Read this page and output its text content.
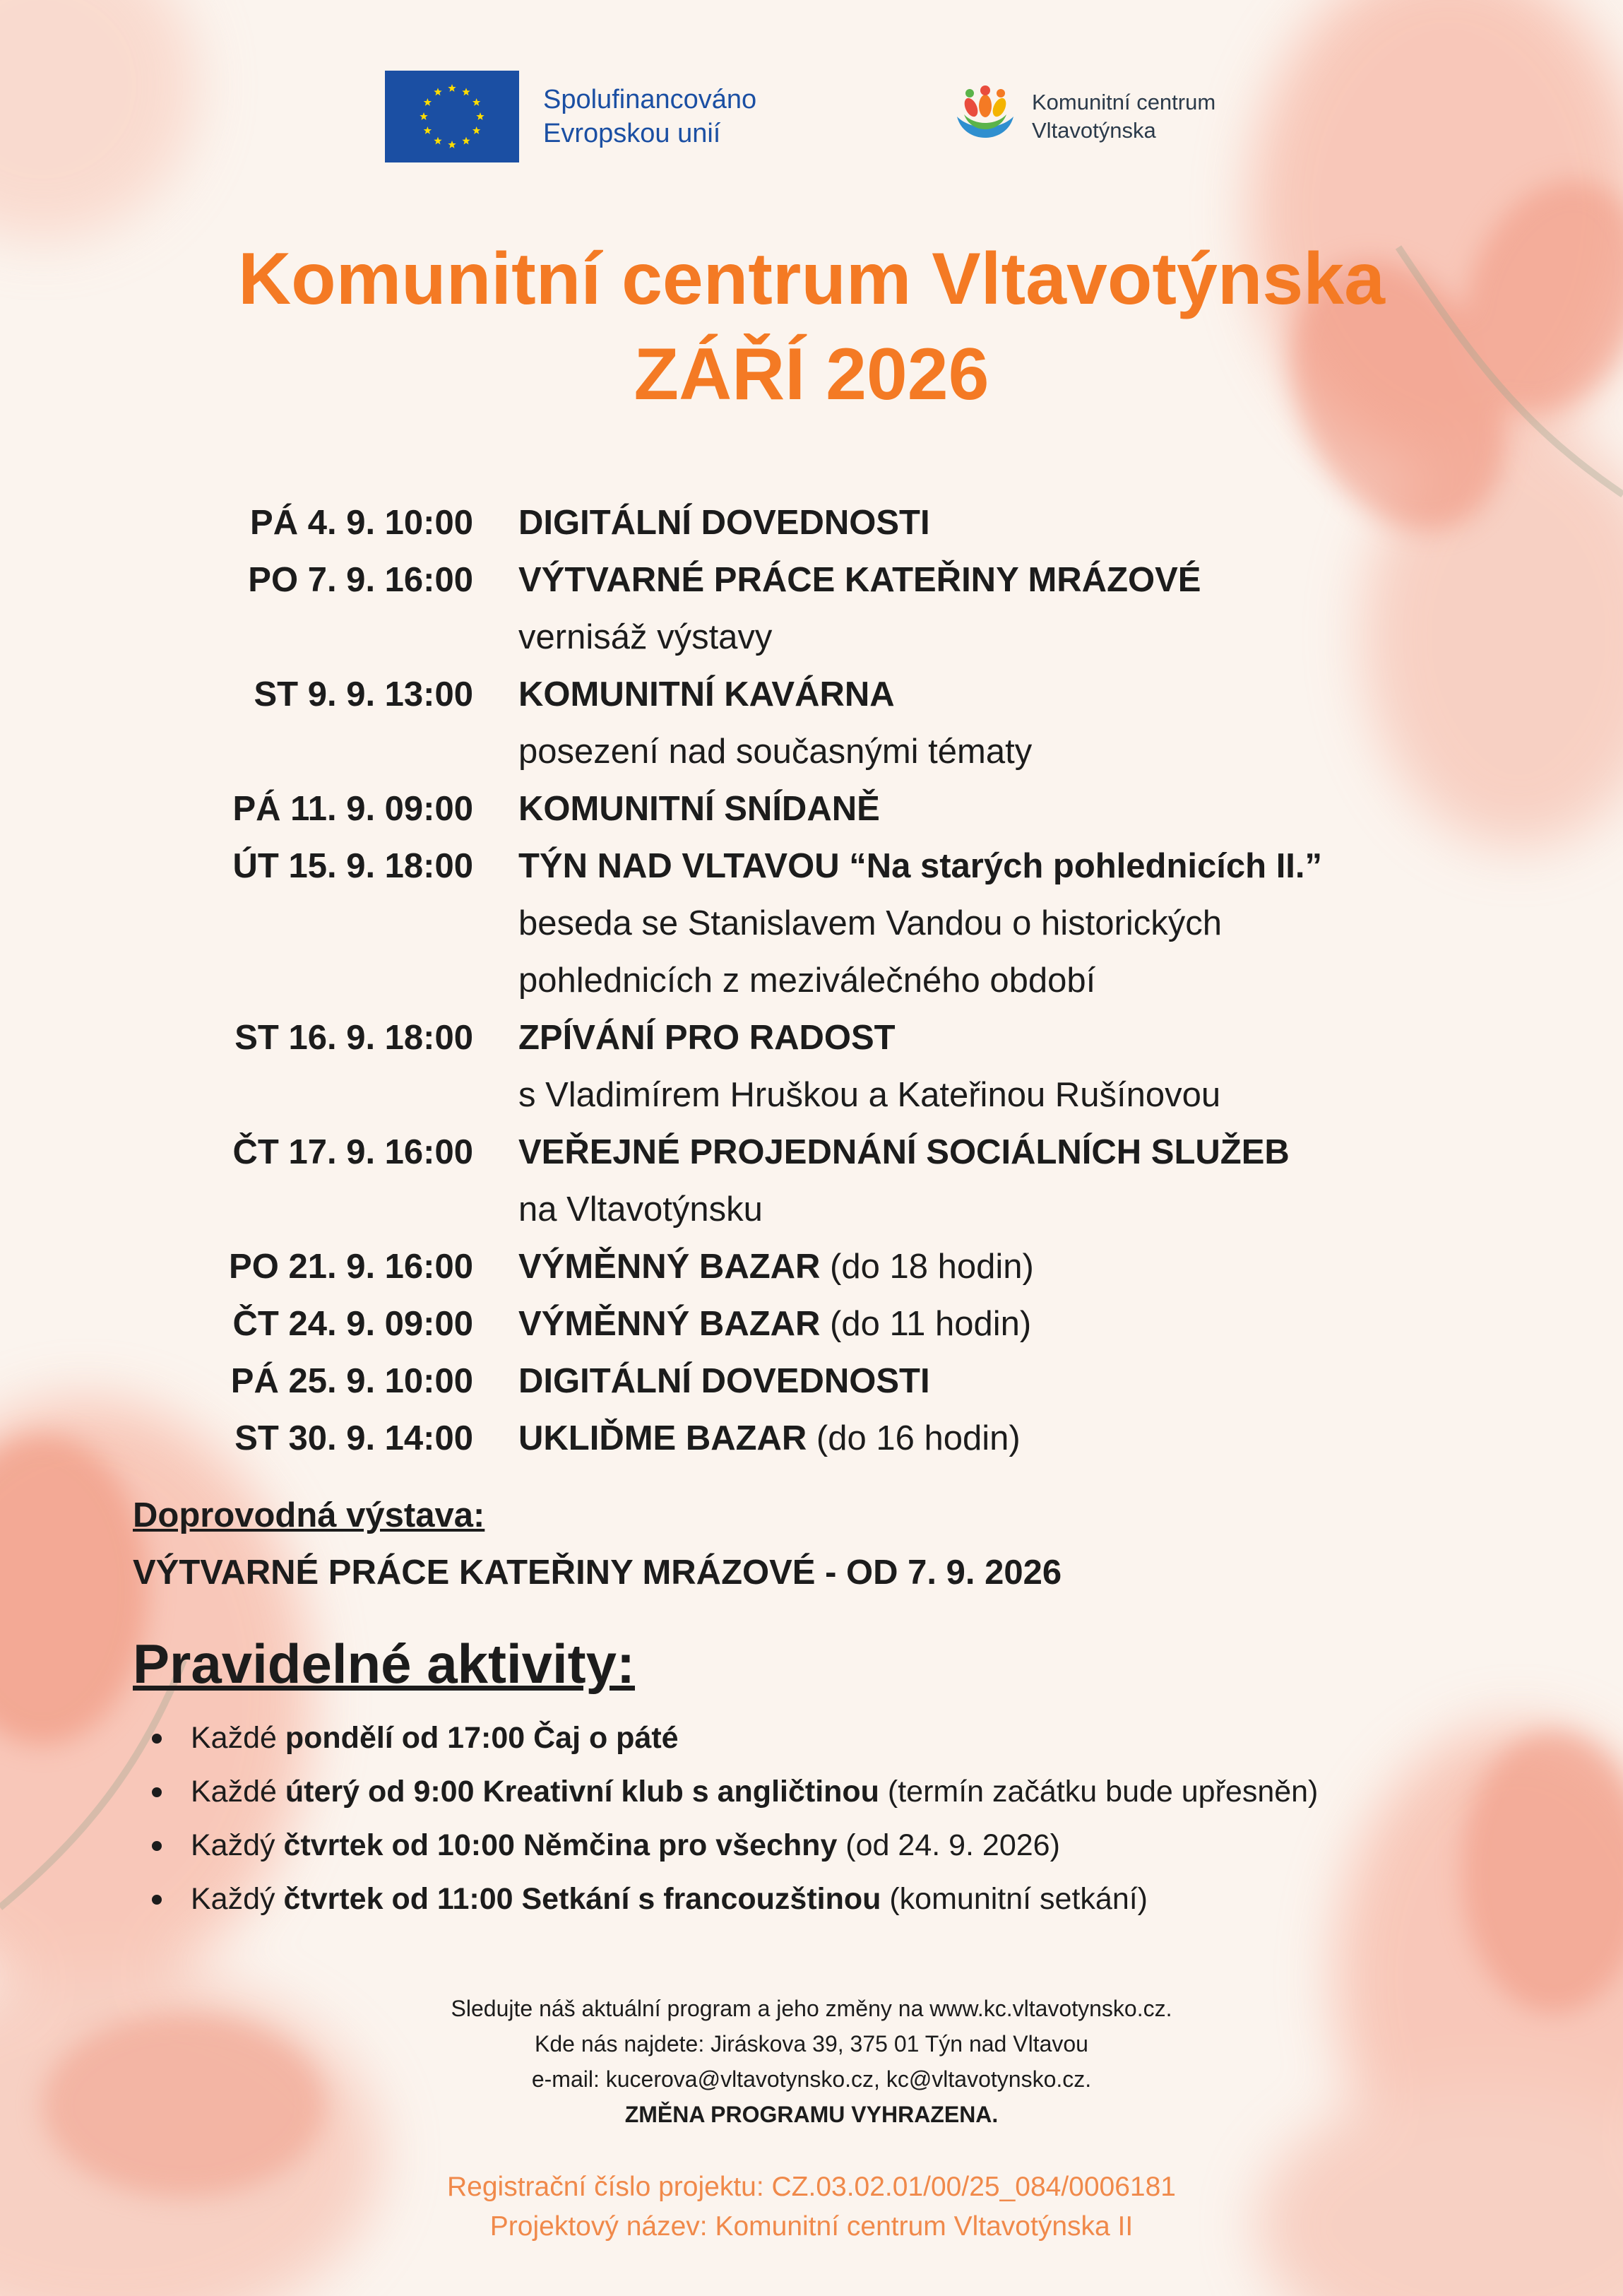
Spolufinancováno
Evropskou unií
Komunitní centrum
Vltavotýnska
Komunitní centrum Vltavotýnska
ZÁŘÍ 2026
PÁ 4. 9. 10:00 DIGITÁLNÍ DOVEDNOSTI
PO 7. 9. 16:00 VÝTVARNÉ PRÁCE KATEŘINY MRÁZOVÉ
vernisáž výstavy
ST 9. 9. 13:00 KOMUNITNÍ KAVÁRNA
posezení nad současnými tématy
PÁ 11. 9. 09:00 KOMUNITNÍ SNÍDANĚ
ÚT 15. 9. 18:00 TÝN NAD VLTAVOU “Na starých pohlednicích II.”
beseda se Stanislavem Vandou o historických
pohlednicích z meziválečného období
ST 16. 9. 18:00 ZPÍVÁNÍ PRO RADOST
s Vladimírem Hruškou a Kateřinou Rušínovou
ČT 17. 9. 16:00 VEŘEJNÉ PROJEDNÁNÍ SOCIÁLNÍCH SLUŽEB
na Vltavotýnsku
PO 21. 9. 16:00 VÝMĚNNÝ BAZAR (do 18 hodin)
ČT 24. 9. 09:00 VÝMĚNNÝ BAZAR (do 11 hodin)
PÁ 25. 9. 10:00 DIGITÁLNÍ DOVEDNOSTI
ST 30. 9. 14:00 UKLIĎME BAZAR (do 16 hodin)
Doprovodná výstava:
VÝTVARNÉ PRÁCE KATEŘINY MRÁZOVÉ - OD 7. 9. 2026
Pravidelné aktivity:
Každé pondělí od 17:00 Čaj o páté
Každé úterý od 9:00 Kreativní klub s angličtinou (termín začátku bude upřesněn)
Každý čtvrtek od 10:00 Němčina pro všechny (od 24. 9. 2026)
Každý čtvrtek od 11:00 Setkání s francouzštinou (komunitní setkání)
Sledujte náš aktuální program a jeho změny na www.kc.vltavotynsko.cz.
Kde nás najdete: Jiráskova 39, 375 01 Týn nad Vltavou
e-mail: kucerova@vltavotynsko.cz, kc@vltavotynsko.cz.
ZMĚNA PROGRAMU VYHRAZENA.
Registrační číslo projektu: CZ.03.02.01/00/25_084/0006181
Projektový název: Komunitní centrum Vltavotýnska II
